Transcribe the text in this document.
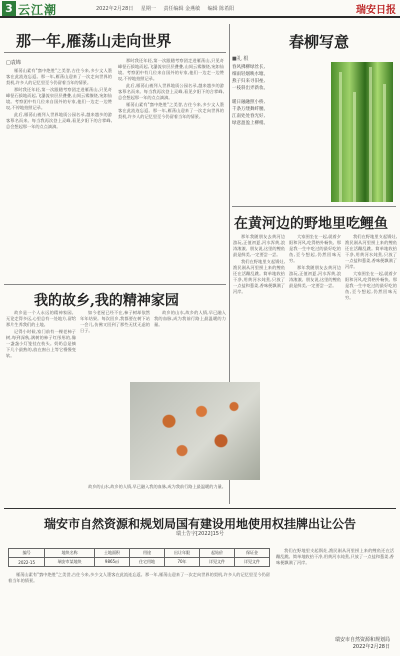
3 云江潮	2022年2月28日 星期一 责任编辑 金燕敏 编辑 陈希阳	瑞安日报
那一年,雁荡山走向世界
□袁锦

雁荡山素有"寰中绝胜"之美誉,古往今来,多少文人墨客在此流连忘返。那一年,雁荡山迎来了一次走向世界的契机,许多人的记忆里至今仍留着当年的情景。

那时我还年轻,第一次跟随考察团走进雁荡山,只见奇峰怪石拔地而起,飞瀑流泉层层叠叠,山间云雾缭绕,宛如仙境。考察团中有几位来自国外的专家,他们一边走一边赞叹,不停地拍照记录。

此后,雁荡山被列入世界地质公园名录,越来越多的游客慕名而来。每当我再次登上灵峰,看见夕阳下的合掌峰,总会想起那一年的点点滴滴。

那时我还年轻,第一次跟随考察团走进雁荡山,只见奇峰怪石拔地而起,飞瀑流泉层层叠叠,山间云雾缭绕,宛如仙境。考察团中有几位来自国外的专家,他们一边走一边赞叹,不停地拍照记录。

此后,雁荡山被列入世界地质公园名录,越来越多的游客慕名而来。每当我再次登上灵峰,看见夕阳下的合掌峰,总会想起那一年的点点滴滴。

雁荡山素有"寰中绝胜"之美誉,古往今来,多少文人墨客在此流连忘返。那一年,雁荡山迎来了一次走向世界的契机,许多人的记忆里至今仍留着当年的情景。

春柳写意
■礼 根
春风拂柳绿丝长,
细雨轻烟映水塘。
燕子归来寻旧垒,
一枝斜出弄新妆。

暖日融融照小桥,
千条万缕舞纤腰。
江南处处春光好,
绿意盈盈上柳梢。
在黄河边的野地里吃鲤鱼

那年我随朋友去黄河边游玩,正值初夏,河水浑黄,浪涛滚滚。朋友说,这里的鲤鱼最是鲜美,一定要尝一尝。

我们在野地里支起锅灶,渔民刚从河里捞上来的鲤鱼还在活蹦乱跳。简单地收拾干净,用黄河水炖煮,只放了一点盐和葱姜,香味便飘满了河岸。

大家围坐在一起,就着夕阳和河风,吃得格外畅快。那是我一生中吃过的最好吃的鱼,至今想起,仍然回味无穷。

那年我随朋友去黄河边游玩,正值初夏,河水浑黄,浪涛滚滚。朋友说,这里的鲤鱼最是鲜美,一定要尝一尝。

我们在野地里支起锅灶,渔民刚从河里捞上来的鲤鱼还在活蹦乱跳。简单地收拾干净,用黄河水炖煮,只放了一点盐和葱姜,香味便飘满了河岸。

大家围坐在一起,就着夕阳和河风,吃得格外畅快。那是我一生中吃过的最好吃的鱼,至今想起,仍然回味无穷。

我的故乡,我的精神家园

故乡是一个人永远的精神家园。无论走得多远,心里总有一处地方,留给那片生养我们的土地。

记得小时候,家门前有一棵老柿子树,每到深秋,满树的柿子红彤彤的,像一盏盏小灯笼挂在枝头。奶奶总是摘下几个最熟的,放在窗台上等它慢慢变软。

如今老屋已经不在,柿子树却依然年年结果。每次回乡,我都要在树下站一会儿,仿佛又回到了那些无忧无虑的日子。

故乡的山水,故乡的人情,早已融入我的血脉,成为我前行路上最温暖的力量。

故乡的山水,故乡的人情,早已融入我的血脉,成为我前行路上最温暖的力量。

瑞安市自然资源和规划局国有建设用地使用权挂牌出让公告
瑞土告字[2022]15号
编号	地块名称	土地面积	用途	出让年限	起始价	保证金
2022-15	瑞安市某地块	9865㎡	住宅用地	70年	详见文件	详见文件

雁荡山素有"寰中绝胜"之美誉,古往今来,多少文人墨客在此流连忘返。那一年,雁荡山迎来了一次走向世界的契机,许多人的记忆里至今仍留着当年的情景。

我们在野地里支起锅灶,渔民刚从河里捞上来的鲤鱼还在活蹦乱跳。简单地收拾干净,用黄河水炖煮,只放了一点盐和葱姜,香味便飘满了河岸。

瑞安市自然资源和规划局
2022年2月28日
